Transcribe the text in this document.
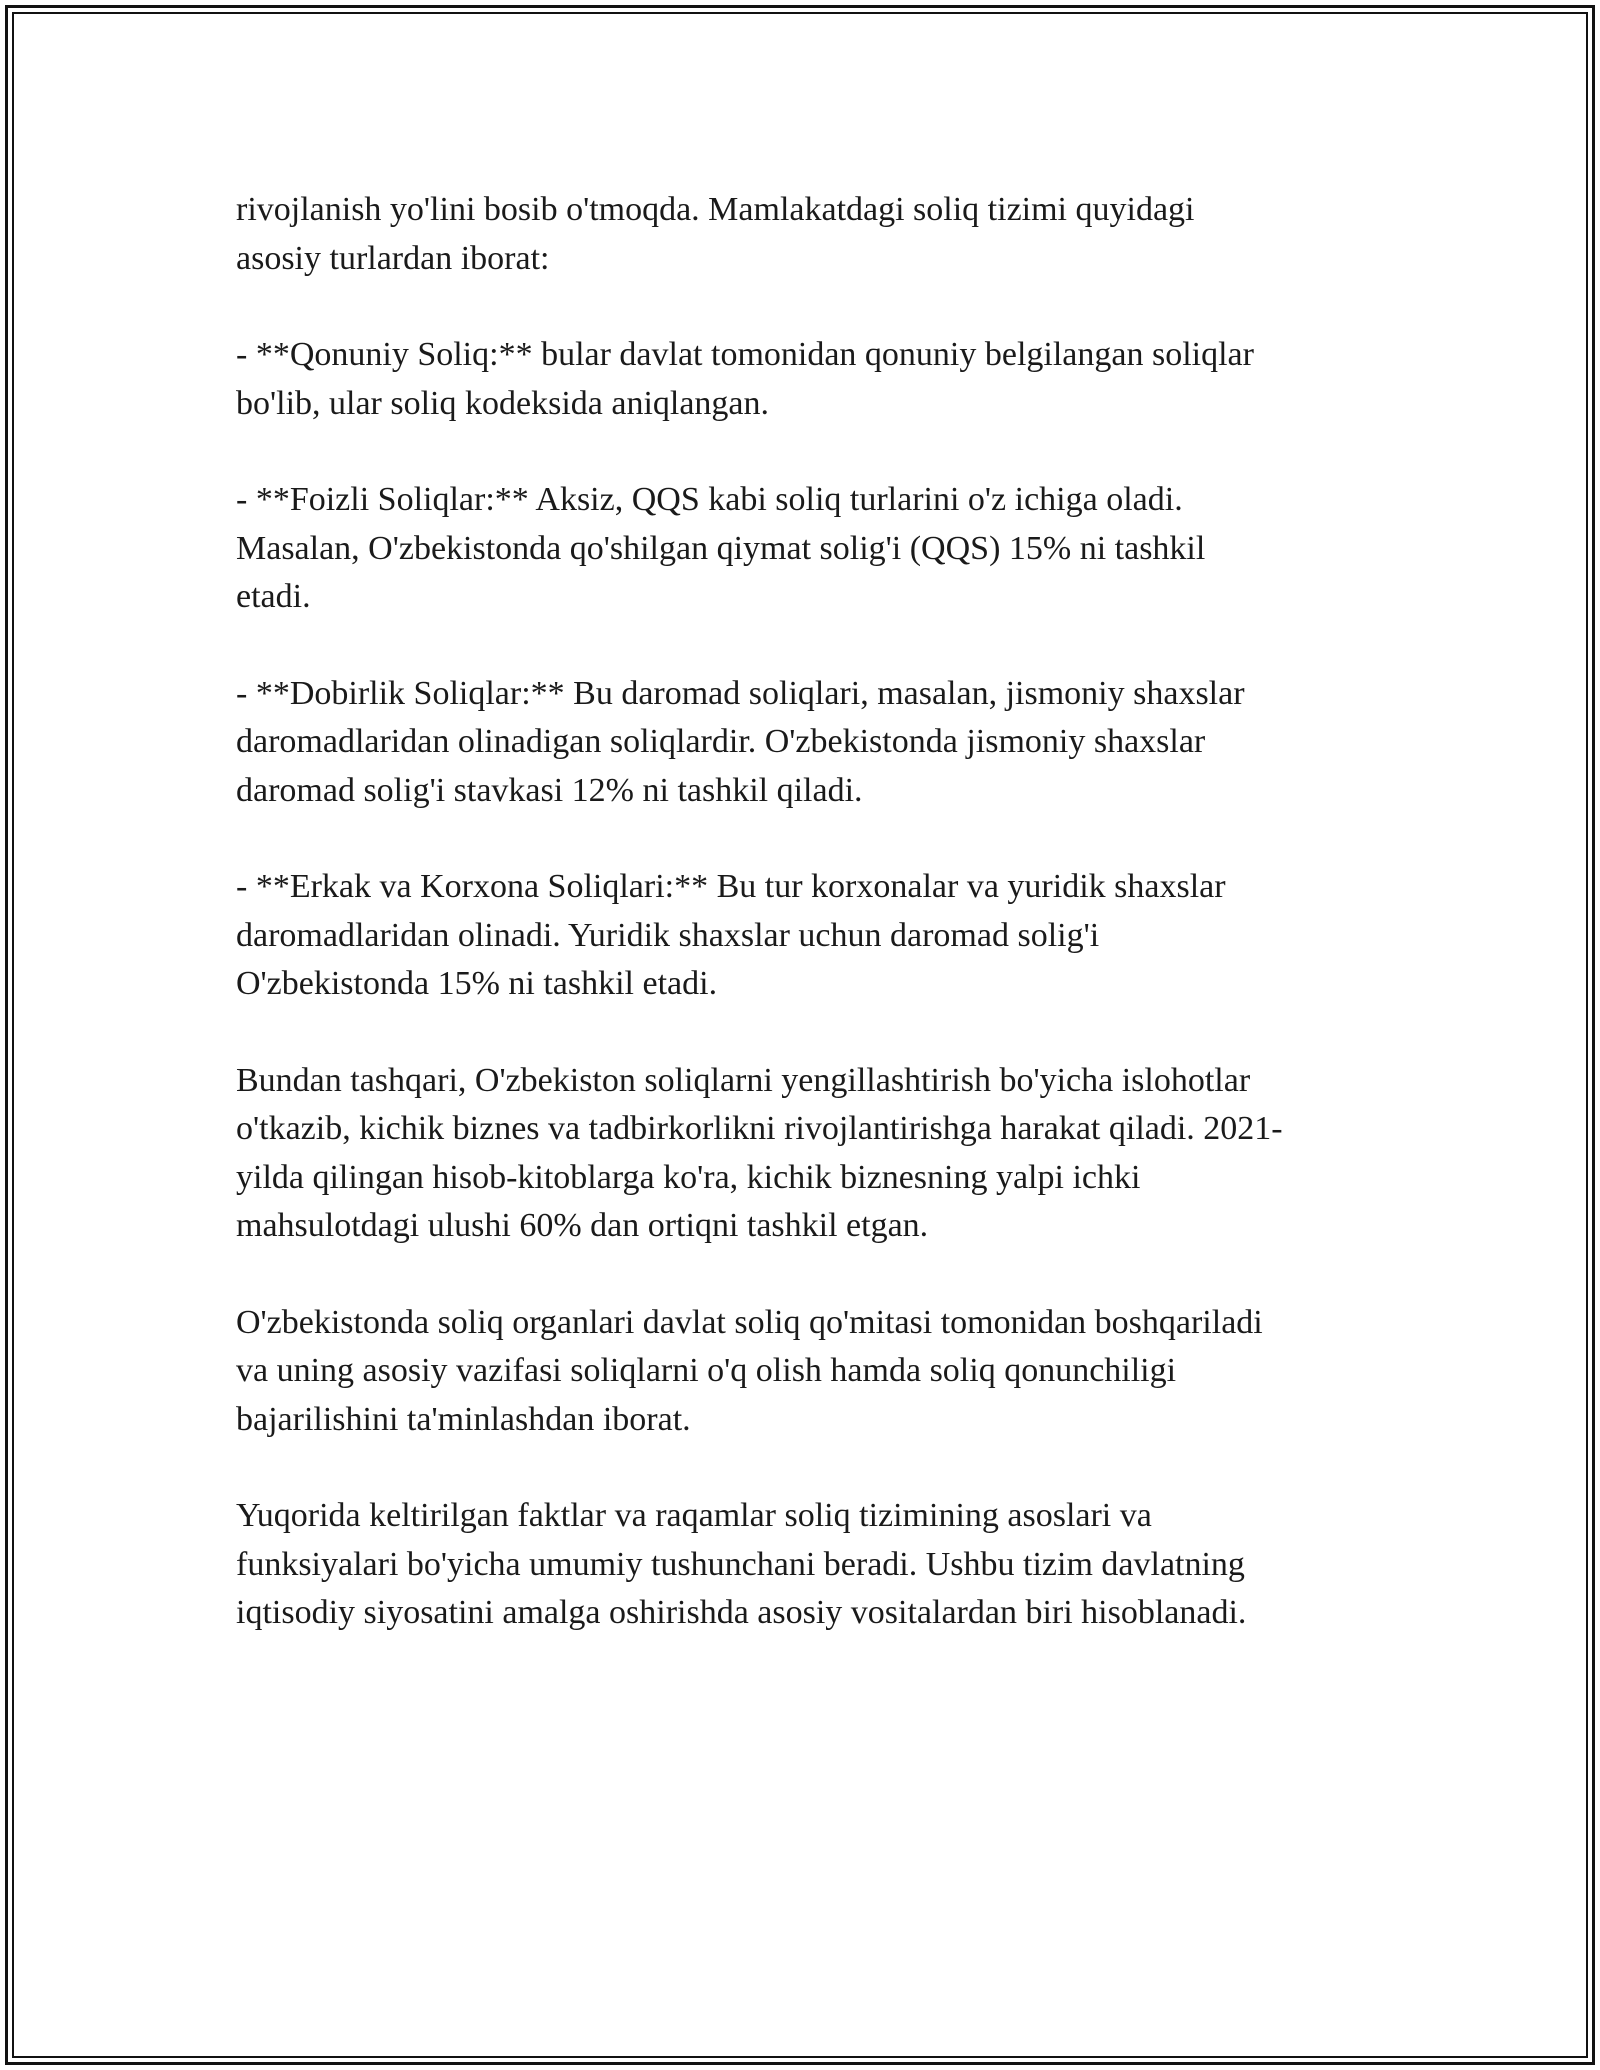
rivojlanish yo'lini bosib o'tmoqda. Mamlakatdagi soliq tizimi quyidagi
asosiy turlardan iborat:

- **Qonuniy Soliq:** bular davlat tomonidan qonuniy belgilangan soliqlar
bo'lib, ular soliq kodeksida aniqlangan.

- **Foizli Soliqlar:** Aksiz, QQS kabi soliq turlarini o'z ichiga oladi.
Masalan, O'zbekistonda qo'shilgan qiymat solig'i (QQS) 15% ni tashkil
etadi.

- **Dobirlik Soliqlar:** Bu daromad soliqlari, masalan, jismoniy shaxslar
daromadlaridan olinadigan soliqlardir. O'zbekistonda jismoniy shaxslar
daromad solig'i stavkasi 12% ni tashkil qiladi.

- **Erkak va Korxona Soliqlari:** Bu tur korxonalar va yuridik shaxslar
daromadlaridan olinadi. Yuridik shaxslar uchun daromad solig'i
O'zbekistonda 15% ni tashkil etadi.

Bundan tashqari, O'zbekiston soliqlarni yengillashtirish bo'yicha islohotlar
o'tkazib, kichik biznes va tadbirkorlikni rivojlantirishga harakat qiladi. 2021-
yilda qilingan hisob-kitoblarga ko'ra, kichik biznesning yalpi ichki
mahsulotdagi ulushi 60% dan ortiqni tashkil etgan.

O'zbekistonda soliq organlari davlat soliq qo'mitasi tomonidan boshqariladi
va uning asosiy vazifasi soliqlarni o'q olish hamda soliq qonunchiligi
bajarilishini ta'minlashdan iborat.

Yuqorida keltirilgan faktlar va raqamlar soliq tizimining asoslari va
funksiyalari bo'yicha umumiy tushunchani beradi. Ushbu tizim davlatning
iqtisodiy siyosatini amalga oshirishda asosiy vositalardan biri hisoblanadi.
